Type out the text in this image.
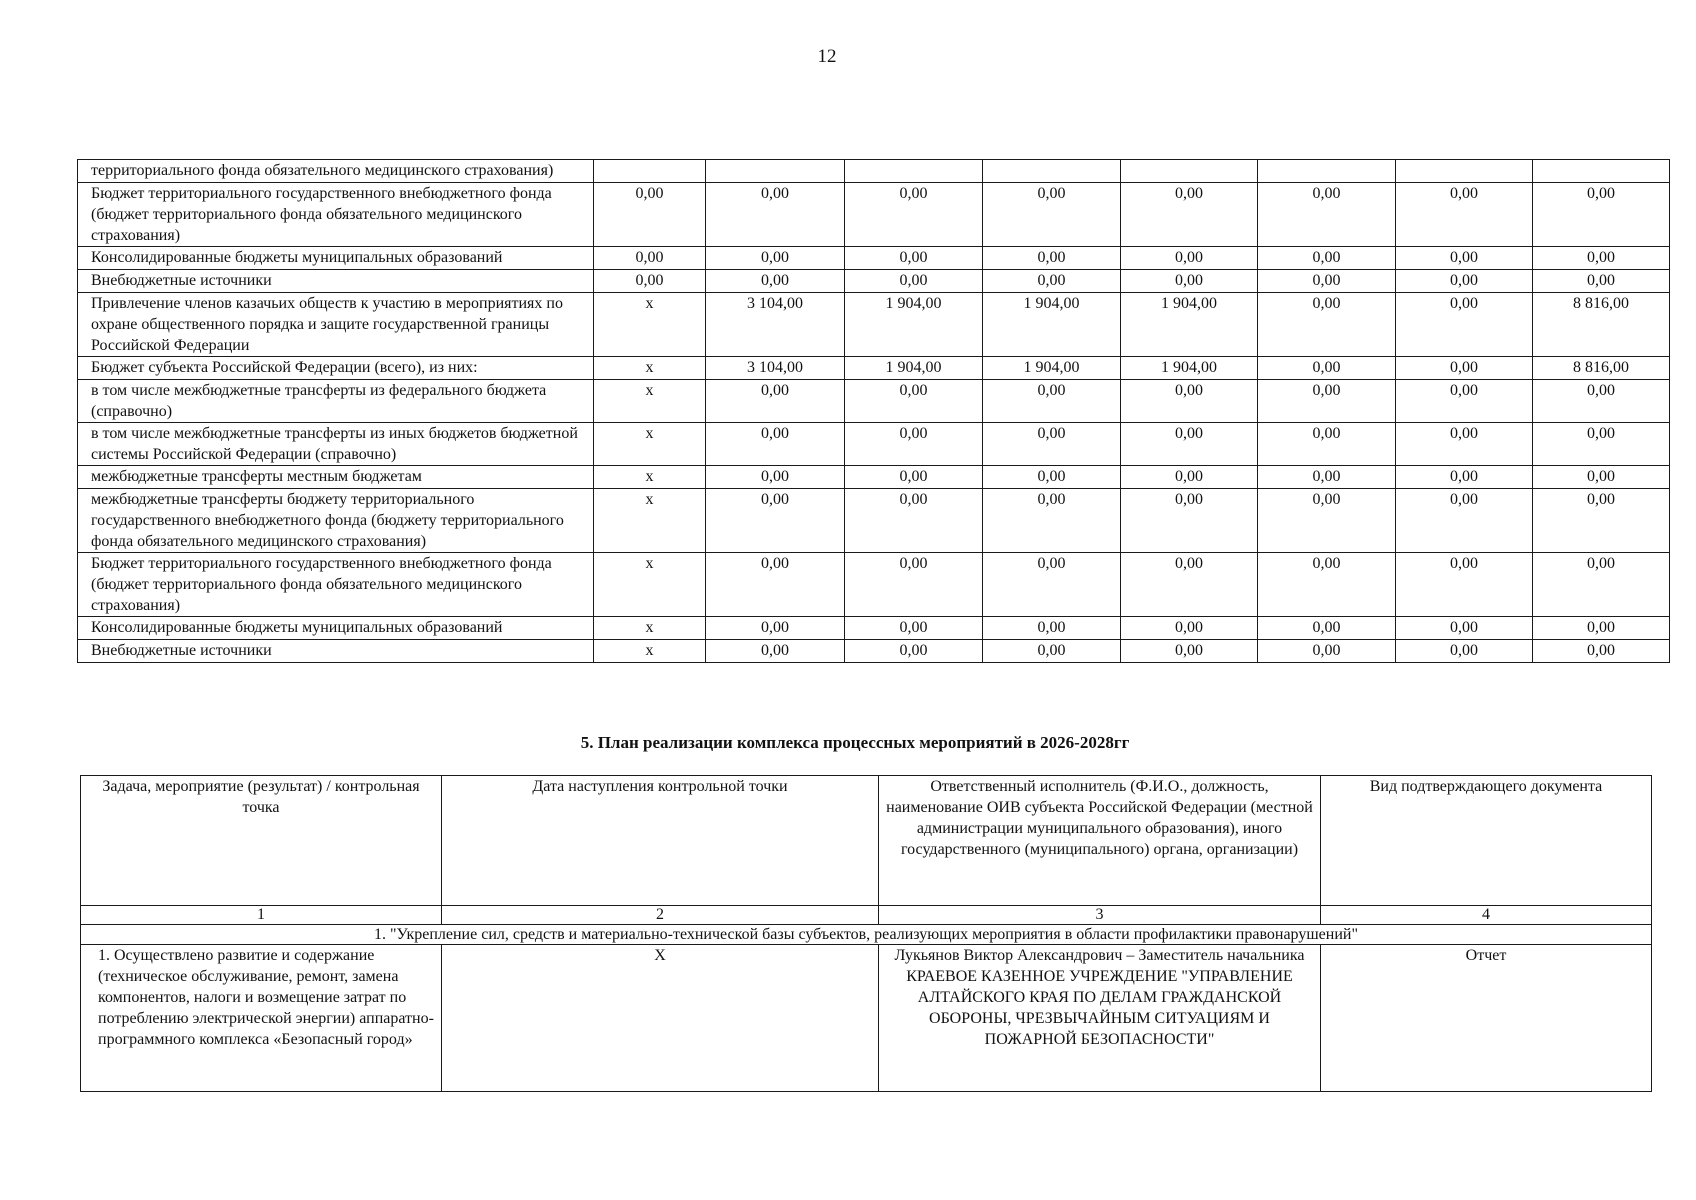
12
территориального фонда обязательного медицинского страхования)								
Бюджет территориального государственного внебюджетного фонда (бюджет территориального фонда обязательного медицинского страхования)	0,00	0,00	0,00	0,00	0,00	0,00	0,00	0,00
Консолидированные бюджеты муниципальных образований	0,00	0,00	0,00	0,00	0,00	0,00	0,00	0,00
Внебюджетные источники	0,00	0,00	0,00	0,00	0,00	0,00	0,00	0,00
Привлечение членов казачьих обществ к участию в мероприятиях по охране общественного порядка и защите государственной границы Российской Федерации	х	3 104,00	1 904,00	1 904,00	1 904,00	0,00	0,00	8 816,00
Бюджет субъекта Российской Федерации (всего), из них:	х	3 104,00	1 904,00	1 904,00	1 904,00	0,00	0,00	8 816,00
в том числе межбюджетные трансферты из федерального бюджета (справочно)	х	0,00	0,00	0,00	0,00	0,00	0,00	0,00
в том числе межбюджетные трансферты из иных бюджетов бюджетной системы Российской Федерации (справочно)	х	0,00	0,00	0,00	0,00	0,00	0,00	0,00
межбюджетные трансферты местным бюджетам	х	0,00	0,00	0,00	0,00	0,00	0,00	0,00
межбюджетные трансферты бюджету территориального государственного внебюджетного фонда (бюджету территориального фонда обязательного медицинского страхования)	х	0,00	0,00	0,00	0,00	0,00	0,00	0,00
Бюджет территориального государственного внебюджетного фонда (бюджет территориального фонда обязательного медицинского страхования)	х	0,00	0,00	0,00	0,00	0,00	0,00	0,00
Консолидированные бюджеты муниципальных образований	х	0,00	0,00	0,00	0,00	0,00	0,00	0,00
Внебюджетные источники	х	0,00	0,00	0,00	0,00	0,00	0,00	0,00
5. План реализации комплекса процессных мероприятий в 2026-2028гг
Задача, мероприятие (результат) / контрольная точка	Дата наступления контрольной точки	Ответственный исполнитель (Ф.И.О., должность, наименование ОИВ субъекта Российской Федерации (местной администрации муниципального образования), иного государственного (муниципального) органа, организации)	Вид подтверждающего документа
1	2	3	4
1. "Укрепление сил, средств и материально-технической базы субъектов, реализующих мероприятия в области профилактики правонарушений"			
1. Осуществлено развитие и содержание (техническое обслуживание, ремонт, замена компонентов, налоги и возмещение затрат по потреблению электрической энергии) аппаратно-программного комплекса «Безопасный город»	Х	Лукьянов Виктор Александрович – Заместитель начальника КРАЕВОЕ КАЗЕННОЕ УЧРЕЖДЕНИЕ "УПРАВЛЕНИЕ АЛТАЙСКОГО КРАЯ ПО ДЕЛАМ ГРАЖДАНСКОЙ ОБОРОНЫ, ЧРЕЗВЫЧАЙНЫМ СИТУАЦИЯМ И ПОЖАРНОЙ БЕЗОПАСНОСТИ"	Отчет
